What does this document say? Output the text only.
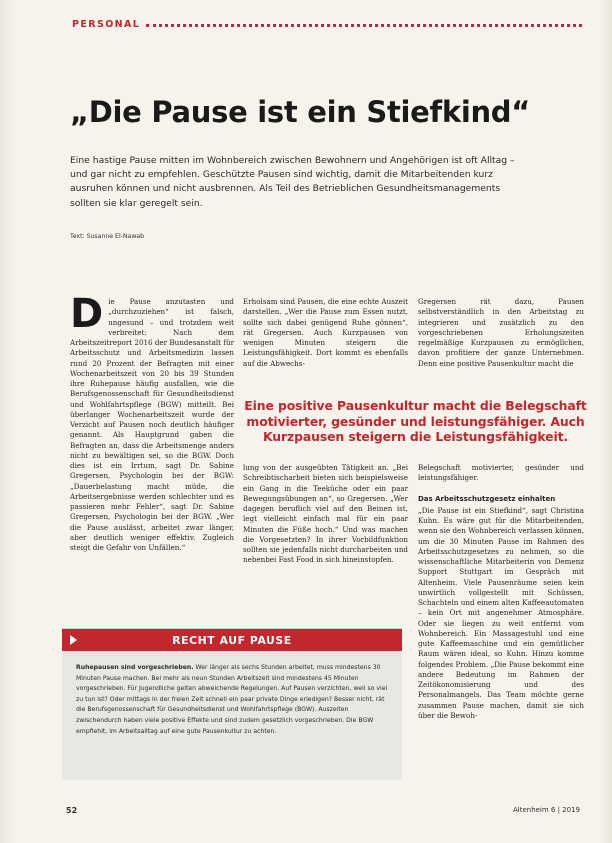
PERSONAL
„Die Pause ist ein Stiefkind“

Eine hastige Pause mitten im Wohnbereich zwischen Bewohnern und Angehörigen ist oft Alltag – und gar nicht zu empfehlen. Geschützte Pausen sind wichtig, damit die Mitarbeitenden kurz ausruhen können und nicht ausbrennen. Als Teil des Betrieblichen Gesundheitsmanagements sollten sie klar geregelt sein.

Text: Susanne El-Nawab

Die Pause anzutasten und „durchzuziehen“ ist falsch, ungesund – und trotzdem weit verbreitet: Nach dem Arbeitszeitreport 2016 der Bundesanstalt für Arbeitsschutz und Arbeitsmedizin lassen rund 20 Prozent der Befragten mit einer Wochenarbeitszeit von 20 bis 39 Stunden ihre Ruhepause häufig ausfallen, wie die Berufsgenossenschaft für Gesundheitsdienst und Wohlfahrtspflege (BGW) mitteilt. Bei überlanger Wochenarbeitszeit wurde der Verzicht auf Pausen noch deutlich häufiger genannt. Als Hauptgrund gaben die Befragten an, dass die Arbeitsmenge anders nicht zu bewältigen sei, so die BGW. Doch dies ist ein Irrtum, sagt Dr. Sabine Gregersen, Psychologin bei der BGW: „Dauerbelastung macht müde, die Arbeitsergebnisse werden schlechter und es passieren mehr Fehler“, sagt Dr. Sabine Gregersen, Psychologin bei der BGW. „Wer die Pause auslässt, arbeitet zwar länger, aber deutlich weniger effektiv. Zugleich steigt die Gefahr von Unfällen.“
Erholsam sind Pausen, die eine echte Auszeit darstellen. „Wer die Pause zum Essen nutzt, sollte sich dabei genügend Ruhe gönnen“, rät Gregersen. Auch Kurzpausen von wenigen Minuten steigern die Leistungsfähigkeit. Dort kommt es ebenfalls auf die Abwechs-
Gregersen rät dazu, Pausen selbstverständlich in den Arbeitstag zu integrieren und zusätzlich zu den vorgeschriebenen Erholungszeiten regelmäßige Kurzpausen zu ermöglichen, davon profitiere der ganze Unternehmen. Denn eine positive Pausenkultur macht die
Eine positive Pausenkultur macht die Belegschaft motivierter, gesünder und leistungsfähiger. Auch Kurzpausen steigern die Leistungsfähigkeit.
lung von der ausgeübten Tätigkeit an. „Bei Schreibtischarbeit bieten sich beispielsweise ein Gang in die Teeküche oder ein paar Bewegungsübungen an“, so Gregersen. „Wer dagegen beruflich viel auf den Beinen ist, legt vielleicht einfach mal für ein paar Minuten die Füße hoch.“ Und was machen die Vorgesetzten? In ihrer Vorbildfunktion sollten sie jedenfalls nicht durcharbeiten und nebenbei Fast Food in sich hineinstopfen.
Belegschaft motivierter, gesünder und leistungsfähiger.
Das Arbeitsschutzgesetz einhalten
„Die Pause ist ein Stiefkind“, sagt Christina Kuhn. Es wäre gut für die Mitarbeitenden, wenn sie den Wohnbereich verlassen können, um die 30 Minuten Pause im Rahmen des Arbeitsschutzgesetzes zu nehmen, so die wissenschaftliche Mitarbeiterin von Demenz Support Stuttgart im Gespräch mit Altenheim. Viele Pausenräume seien kein unwirtlich vollgestellt mit Schüssen, Schachteln und einem alten Kaffeeautomaten – kein Ort mit angenehmer Atmosphäre. Oder sie liegen zu weit entfernt vom Wohnbereich. Ein Massagestuhl und eine gute Kaffeemaschine und ein gemütlicher Raum wären ideal, so Kuhn. Hinzu komme folgendes Problem. „Die Pause bekommt eine andere Bedeutung im Rahmen der Zeitökonomisierung und des Personalmangels. Das Team möchte gerne zusammen Pause machen, damit sie sich über die Bewoh-
RECHT AUF PAUSE

Ruhepausen sind vorgeschrieben. Wer länger als sechs Stunden arbeitet, muss mindestens 30 Minuten Pause machen. Bei mehr als neun Stunden Arbeitszeit sind mindestens 45 Minuten vorgeschrieben. Für Jugendliche gelten abweichende Regelungen. Auf Pausen verzichten, weil so viel zu tun ist? Oder mittags in der freien Zeit schnell ein paar private Dinge erledigen? Besser nicht, rät die Berufsgenossenschaft für Gesundheitsdienst und Wohlfahrtspflege (BGW). Auszeiten zwischendurch haben viele positive Effekte und sind zudem gesetzlich vorgeschrieben. Die BGW empfiehlt, im Arbeitsalltag auf eine gute Pausenkultur zu achten.

52	Altenheim 6 | 2019
